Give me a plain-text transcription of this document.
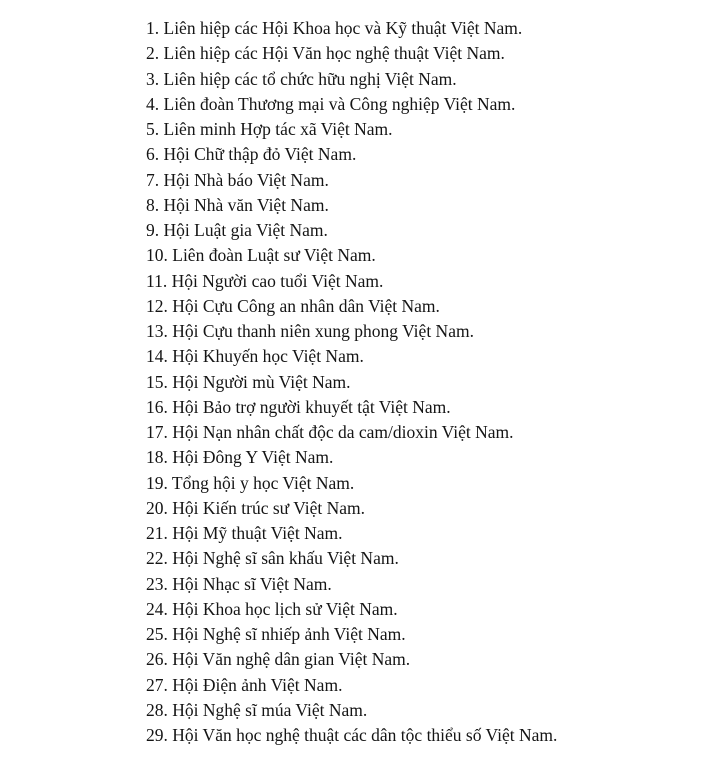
1. Liên hiệp các Hội Khoa học và Kỹ thuật Việt Nam.
2. Liên hiệp các Hội Văn học nghệ thuật Việt Nam.
3. Liên hiệp các tổ chức hữu nghị Việt Nam.
4. Liên đoàn Thương mại và Công nghiệp Việt Nam.
5. Liên minh Hợp tác xã Việt Nam.
6. Hội Chữ thập đỏ Việt Nam.
7. Hội Nhà báo Việt Nam.
8. Hội Nhà văn Việt Nam.
9. Hội Luật gia Việt Nam.
10. Liên đoàn Luật sư Việt Nam.
11. Hội Người cao tuổi Việt Nam.
12. Hội Cựu Công an nhân dân Việt Nam.
13. Hội Cựu thanh niên xung phong Việt Nam.
14. Hội Khuyến học Việt Nam.
15. Hội Người mù Việt Nam.
16. Hội Bảo trợ người khuyết tật Việt Nam.
17. Hội Nạn nhân chất độc da cam/dioxin Việt Nam.
18. Hội Đông Y Việt Nam.
19. Tổng hội y học Việt Nam.
20. Hội Kiến trúc sư Việt Nam.
21. Hội Mỹ thuật Việt Nam.
22. Hội Nghệ sĩ sân khấu Việt Nam.
23. Hội Nhạc sĩ Việt Nam.
24. Hội Khoa học lịch sử Việt Nam.
25. Hội Nghệ sĩ nhiếp ảnh Việt Nam.
26. Hội Văn nghệ dân gian Việt Nam.
27. Hội Điện ảnh Việt Nam.
28. Hội Nghệ sĩ múa Việt Nam.
29. Hội Văn học nghệ thuật các dân tộc thiểu số Việt Nam.
